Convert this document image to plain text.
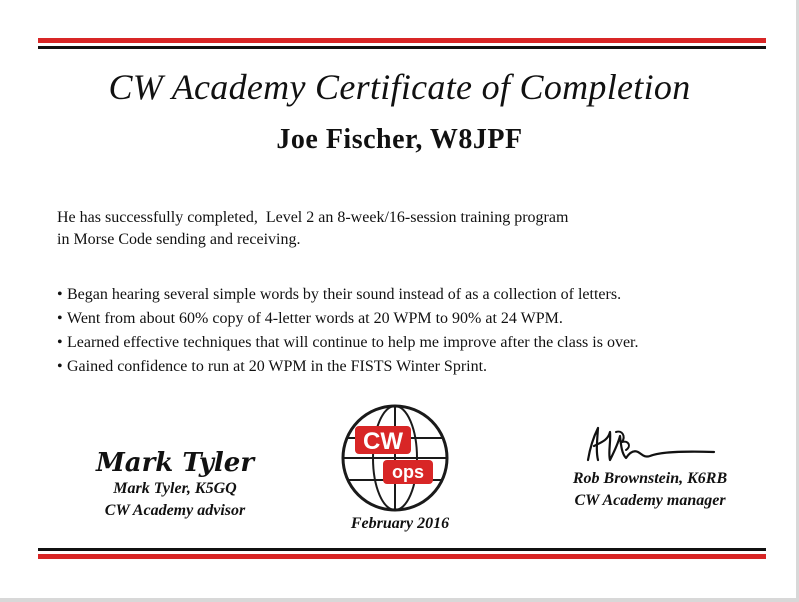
CW Academy Certificate of Completion
Joe Fischer, W8JPF
He has successfully completed,  Level 2 an 8-week/16-session training program
in Morse Code sending and receiving.
• Began hearing several simple words by their sound instead of as a collection of letters.
• Went from about 60% copy of 4-letter words at 20 WPM to 90% at 24 WPM.
• Learned effective techniques that will continue to help me improve after the class is over.
• Gained confidence to run at 20 WPM in the FISTS Winter Sprint.
Mark Tyler
Mark Tyler, K5GQ
CW Academy advisor
CW
ops
February 2016
Rob Brownstein, K6RB
CW Academy manager
